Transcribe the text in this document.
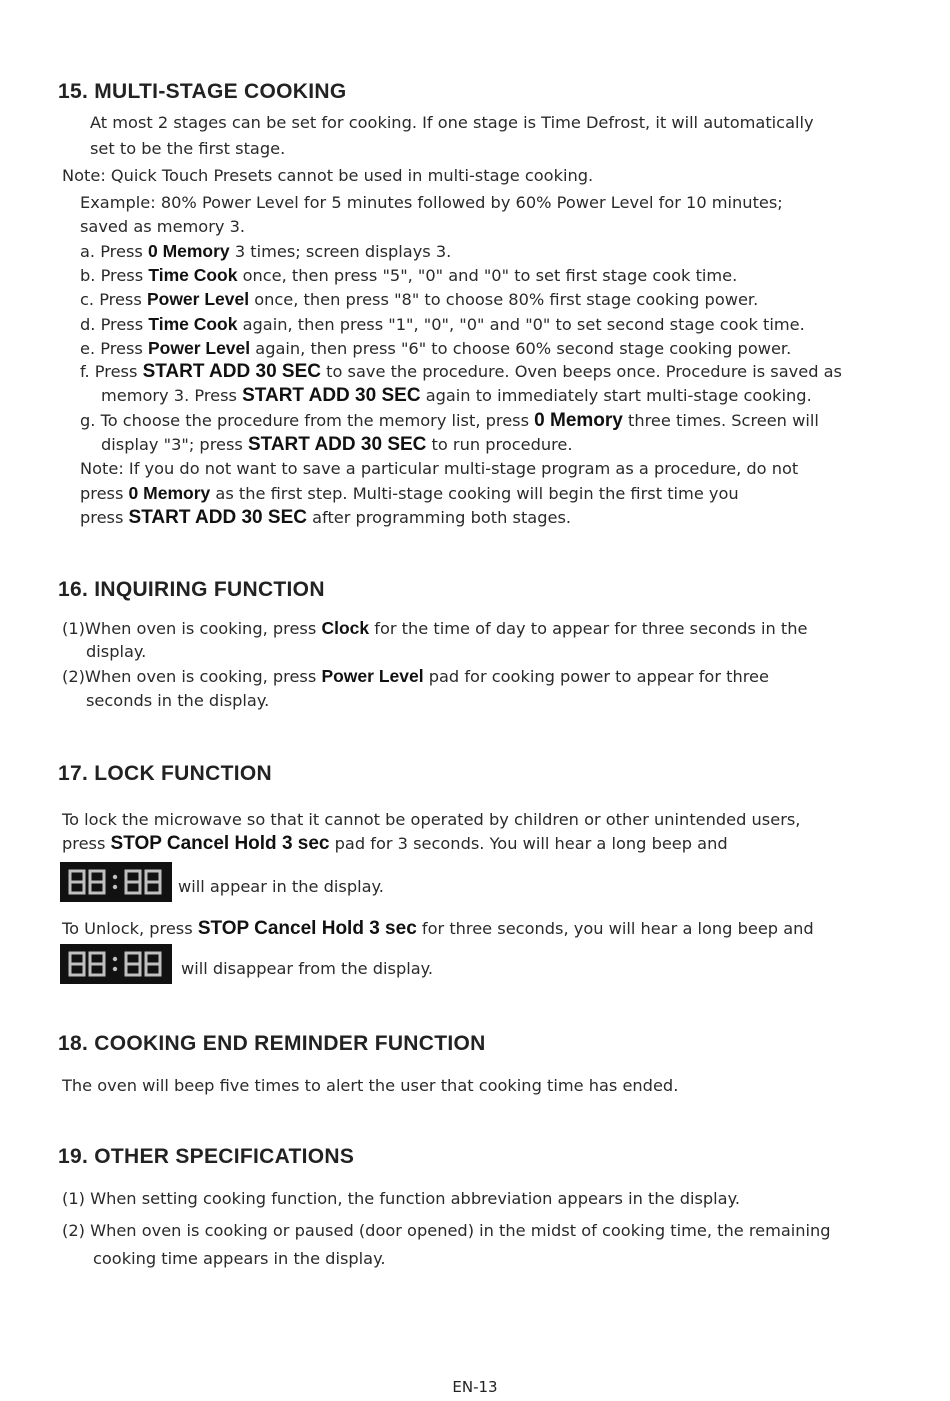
15. MULTI-STAGE COOKING

At most 2 stages can be set for cooking. If one stage is Time Defrost, it will automatically

set to be the first stage.

Note: Quick Touch Presets cannot be used in multi-stage cooking.

Example: 80% Power Level for 5 minutes followed by 60% Power Level for 10 minutes;

saved as memory 3.

a. Press 0 Memory 3 times; screen displays 3.

b. Press Time Cook once, then press "5", "0" and "0" to set first stage cook time.

c. Press Power Level once, then press "8" to choose 80% first stage cooking power.

d. Press Time Cook again, then press "1", "0", "0" and "0" to set second stage cook time.

e. Press Power Level again, then press "6" to choose 60% second stage cooking power.

f. Press START ADD 30 SEC to save the procedure. Oven beeps once. Procedure is saved as

memory 3. Press START ADD 30 SEC again to immediately start multi-stage cooking.

g. To choose the procedure from the memory list, press 0 Memory three times. Screen will

display "3"; press START ADD 30 SEC to run procedure.

Note: If you do not want to save a particular multi-stage program as a procedure, do not

press 0 Memory as the first step. Multi-stage cooking will begin the first time you

press START ADD 30 SEC after programming both stages.

16. INQUIRING FUNCTION

(1)When oven is cooking, press Clock for the time of day to appear for three seconds in the

display.

(2)When oven is cooking, press Power Level pad for cooking power to appear for three

seconds in the display.

17. LOCK FUNCTION

To lock the microwave so that it cannot be operated by children or other unintended users,

press STOP Cancel Hold 3 sec pad for 3 seconds. You will hear a long beep and

will appear in the display.

To Unlock, press STOP Cancel Hold 3 sec for three seconds, you will hear a long beep and

will disappear from the display.

18. COOKING END REMINDER FUNCTION

The oven will beep five times to alert the user that cooking time has ended.

19. OTHER SPECIFICATIONS

(1) When setting cooking function, the function abbreviation appears in the display.

(2) When oven is cooking or paused (door opened) in the midst of cooking time, the remaining

cooking time appears in the display.

EN-13
